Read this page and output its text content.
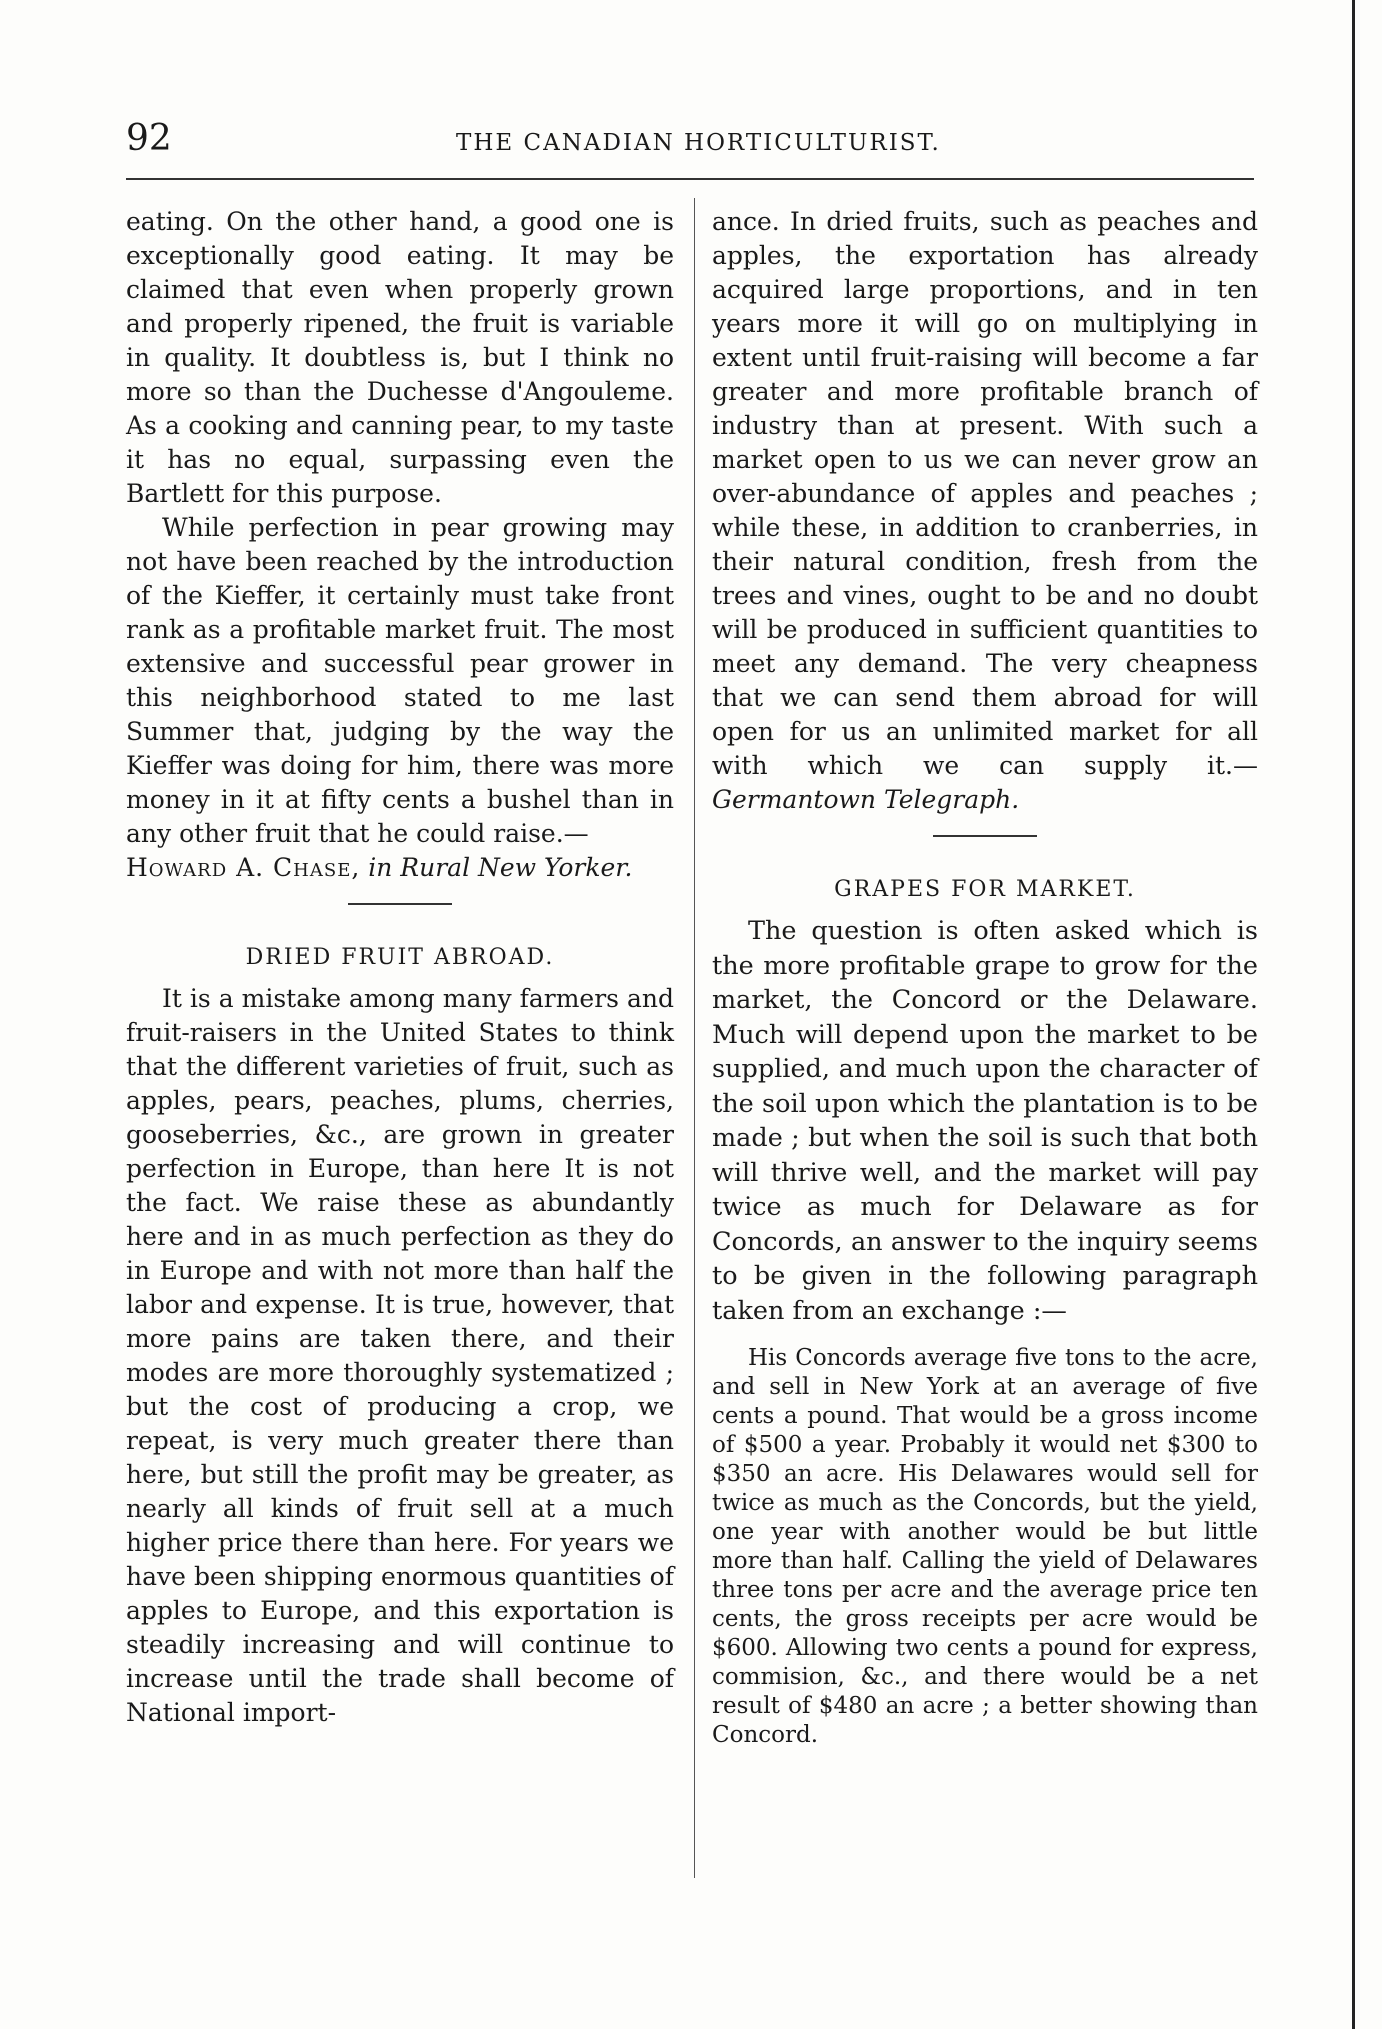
92	THE CANADIAN HORTICULTURIST.

eating. On the other hand, a good one is exceptionally good eating. It may be claimed that even when properly grown and properly ripened, the fruit is variable in quality. It doubtless is, but I think no more so than the Duchesse d'Angouleme. As a cooking and canning pear, to my taste it has no equal, surpassing even the Bartlett for this purpose.

While perfection in pear growing may not have been reached by the introduction of the Kieffer, it certainly must take front rank as a profitable market fruit. The most extensive and successful pear grower in this neighborhood stated to me last Summer that, judging by the way the Kieffer was doing for him, there was more money in it at fifty cents a bushel than in any other fruit that he could raise.—
Howard A. Chase, in Rural New Yorker.

DRIED FRUIT ABROAD.

It is a mistake among many farmers and fruit-raisers in the United States to think that the different varieties of fruit, such as apples, pears, peaches, plums, cherries, gooseberries, &c., are grown in greater perfection in Europe, than here It is not the fact. We raise these as abundantly here and in as much perfection as they do in Europe and with not more than half the labor and expense. It is true, however, that more pains are taken there, and their modes are more thoroughly systematized ; but the cost of producing a crop, we repeat, is very much greater there than here, but still the profit may be greater, as nearly all kinds of fruit sell at a much higher price there than here. For years we have been shipping enormous quantities of apples to Europe, and this exportation is steadily increasing and will continue to increase until the trade shall become of National import-

ance. In dried fruits, such as peaches and apples, the exportation has already acquired large proportions, and in ten years more it will go on multiplying in extent until fruit-raising will become a far greater and more profitable branch of industry than at present. With such a market open to us we can never grow an over-abundance of apples and peaches ; while these, in addition to cranberries, in their natural condition, fresh from the trees and vines, ought to be and no doubt will be produced in sufficient quantities to meet any demand. The very cheapness that we can send them abroad for will open for us an unlimited market for all with which we can supply it.—Germantown Telegraph.

GRAPES FOR MARKET.

The question is often asked which is the more profitable grape to grow for the market, the Concord or the Delaware. Much will depend upon the market to be supplied, and much upon the character of the soil upon which the plantation is to be made ; but when the soil is such that both will thrive well, and the market will pay twice as much for Delaware as for Concords, an answer to the inquiry seems to be given in the following paragraph taken from an exchange :—

His Concords average five tons to the acre, and sell in New York at an average of five cents a pound. That would be a gross income of $500 a year. Probably it would net $300 to $350 an acre. His Delawares would sell for twice as much as the Concords, but the yield, one year with another would be but little more than half. Calling the yield of Delawares three tons per acre and the average price ten cents, the gross receipts per acre would be $600. Allowing two cents a pound for express, commision, &c., and there would be a net result of $480 an acre ; a better showing than Concord.
